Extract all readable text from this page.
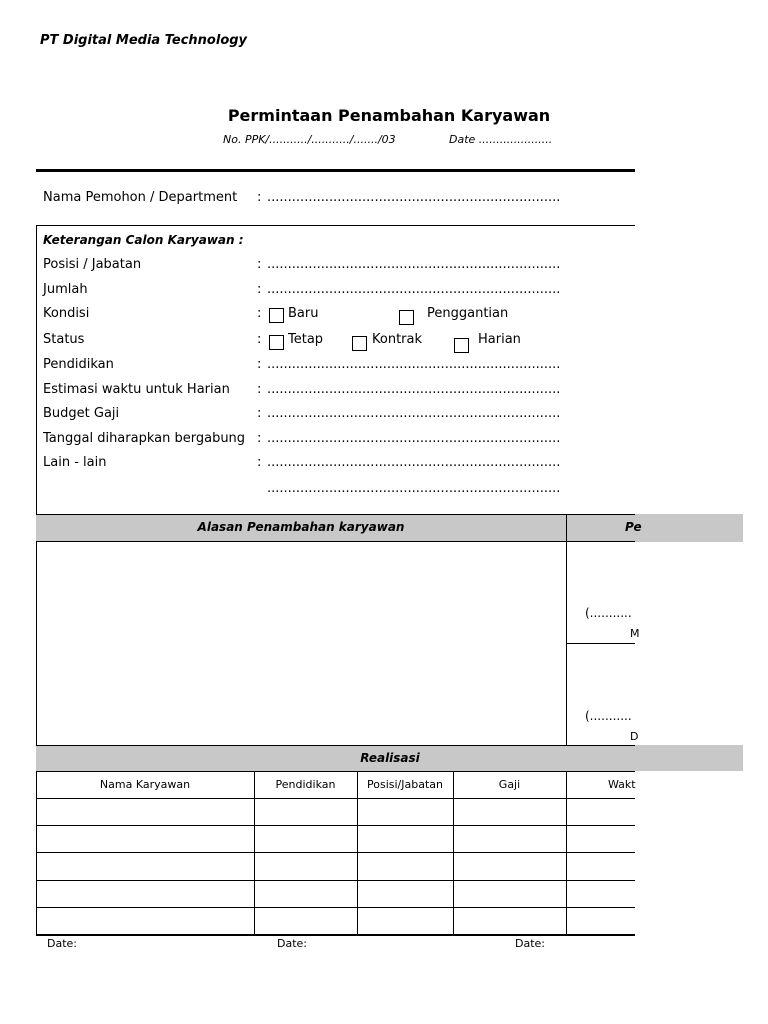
PT Digital Media Technology
Permintaan Penambahan Karyawan
No. PPK/.........../.........../......./03	Date .....................
Nama Pemohon / Department : .......................................................................
Keterangan Calon Karyawan :
Posisi / Jabatan	: .......................................................................
Jumlah	: .......................................................................
Kondisi	: Baru	Penggantian
Status	: Tetap	Kontrak	Harian
Pendidikan	: .......................................................................
Estimasi waktu untuk Harian : .......................................................................
Budget Gaji	: .......................................................................
Tanggal diharapkan bergabung : .......................................................................
Lain - lain	: .......................................................................
.......................................................................
Alasan Penambahan karyawan	Pe
(...........
M
(...........
D
Realisasi
Nama Karyawan	Pendidikan	Posisi/Jabatan	Gaji	Wakt
Date:	Date:	Date:
